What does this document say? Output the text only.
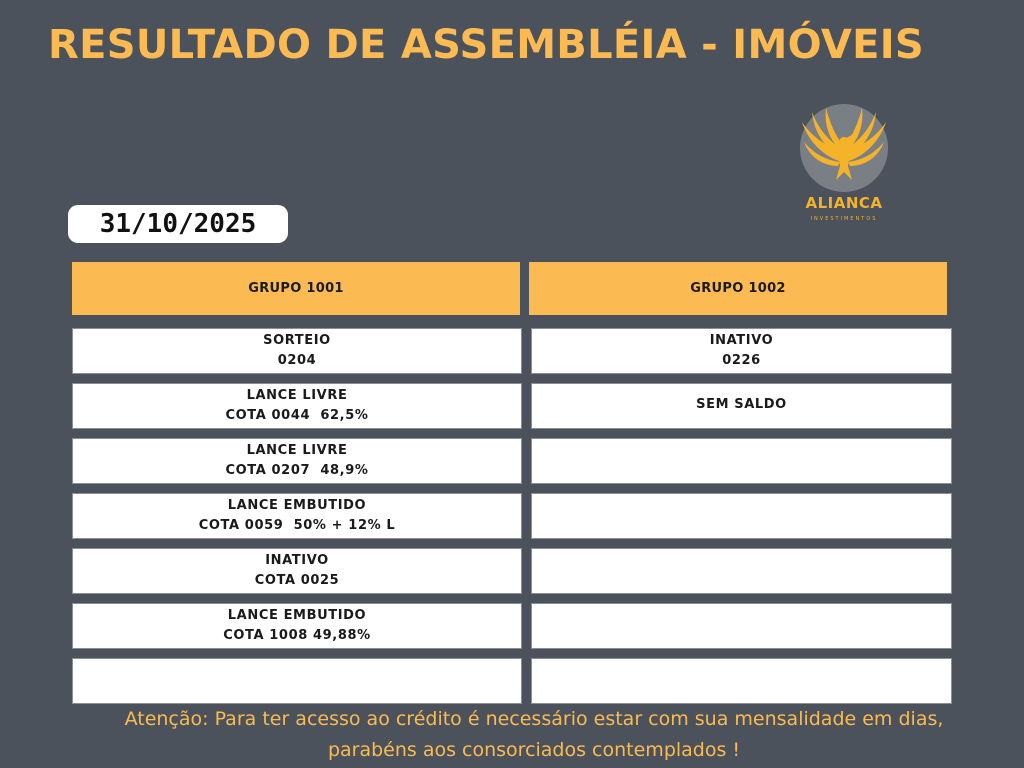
RESULTADO DE ASSEMBLÉIA - IMÓVEIS
ALIANCA
INVESTIMENTOS
31/10/2025
GRUPO 1001	GRUPO 1002
SORTEIO
0204
LANCE LIVRE
COTA 0044  62,5%
LANCE LIVRE
COTA 0207  48,9%
LANCE EMBUTIDO
COTA 0059  50% + 12% L
INATIVO
COTA 0025
LANCE EMBUTIDO
COTA 1008 49,88%
INATIVO
0226
SEM SALDO
Atenção: Para ter acesso ao crédito é necessário estar com sua mensalidade em dias,
parabéns aos consorciados contemplados !
